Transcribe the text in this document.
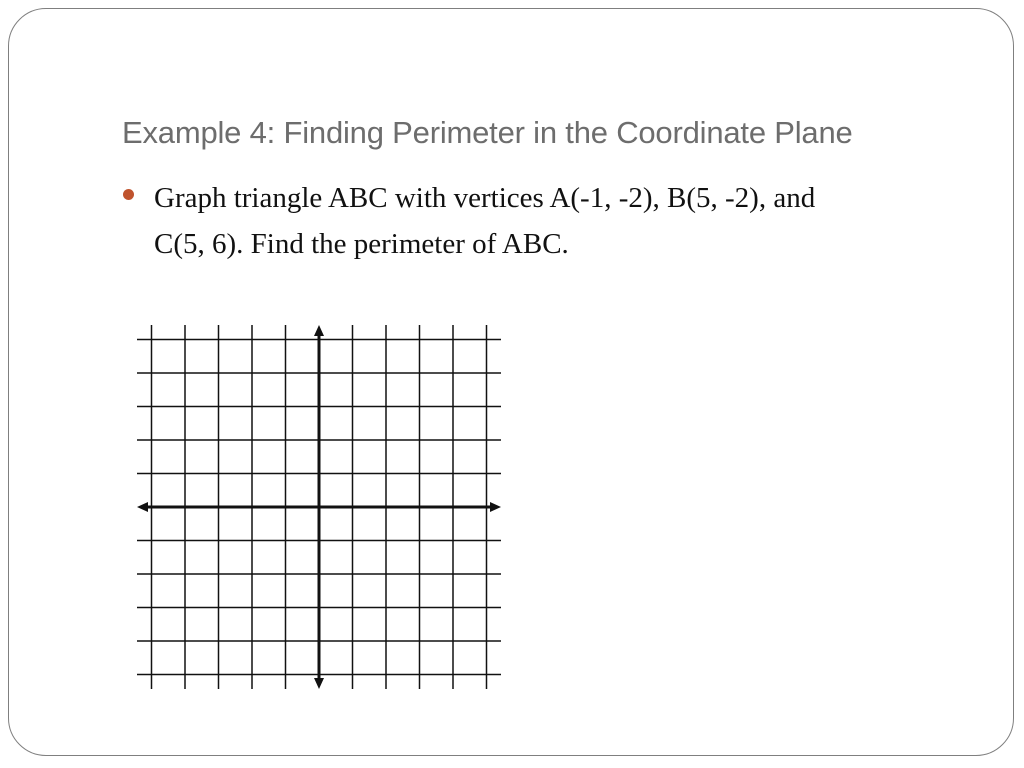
Example 4: Finding Perimeter in the Coordinate Plane
Graph triangle ABC with vertices A(-1, -2), B(5, -2), and
C(5, 6). Find the perimeter of ABC.
